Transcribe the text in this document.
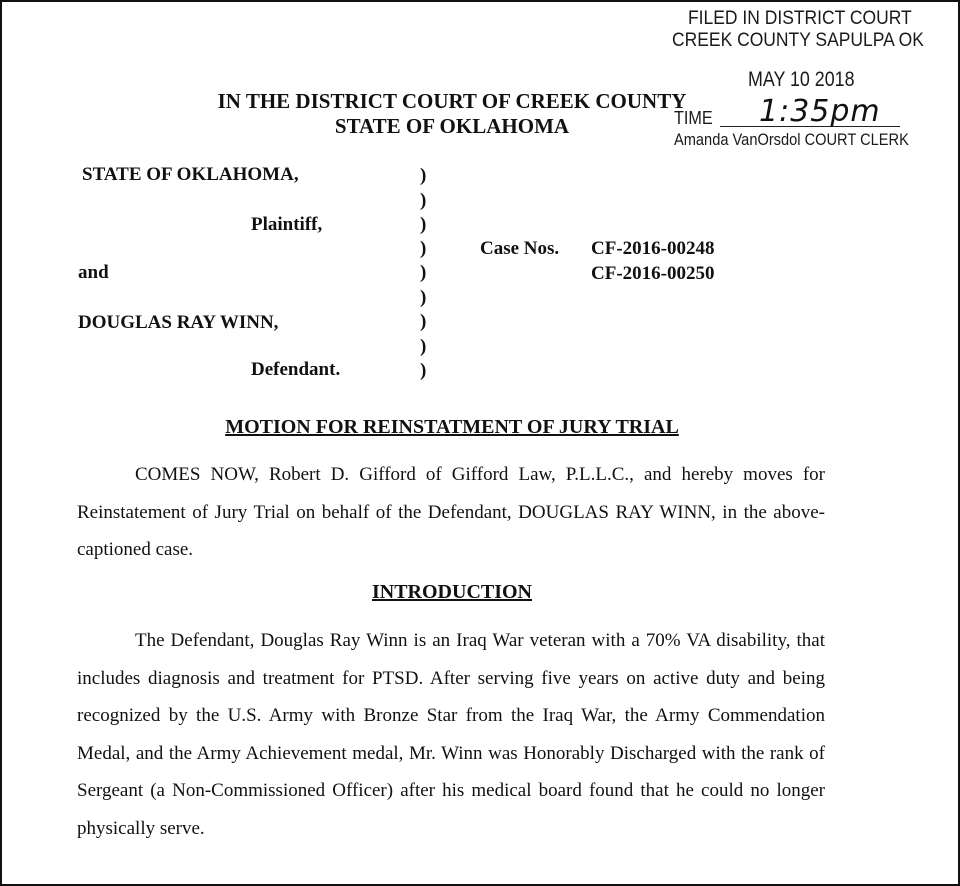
FILED IN DISTRICT COURT
CREEK COUNTY SAPULPA OK
MAY 10 2018
TIME 1:35pm
Amanda VanOrsdol COURT CLERK
IN THE DISTRICT COURT OF CREEK COUNTY
STATE OF OKLAHOMA
STATE OF OKLAHOMA,
Plaintiff,
and
DOUGLAS RAY WINN,
Defendant.
)
)
)
)
)
)
)
)
)
Case Nos. CF-2016-00248
CF-2016-00250
MOTION FOR REINSTATMENT OF JURY TRIAL
COMES NOW, Robert D. Gifford of Gifford Law, P.L.L.C., and hereby moves for Reinstatement of Jury Trial on behalf of the Defendant, DOUGLAS RAY WINN, in the above-captioned case.
INTRODUCTION
The Defendant, Douglas Ray Winn is an Iraq War veteran with a 70% VA disability, that includes diagnosis and treatment for PTSD. After serving five years on active duty and being recognized by the U.S. Army with Bronze Star from the Iraq War, the Army Commendation Medal, and the Army Achievement medal, Mr. Winn was Honorably Discharged with the rank of Sergeant (a Non-Commissioned Officer) after his medical board found that he could no longer physically serve.
